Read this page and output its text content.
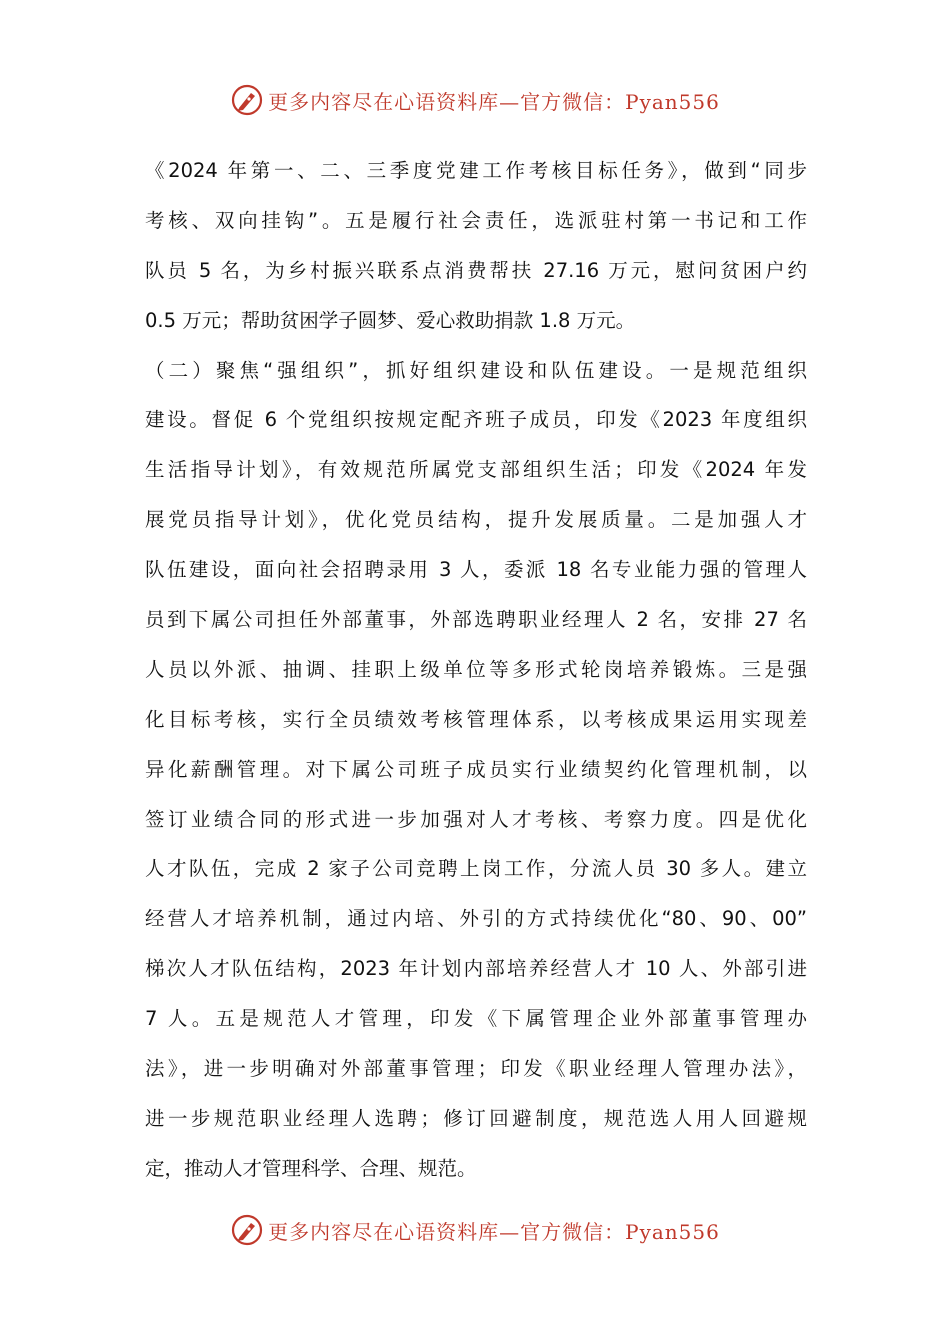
更多内容尽在心语资料库—官方微信：Pyan556
《2024 年第一、二、三季度党建工作考核目标任务》，做到“同步
考核、双向挂钩”。五是履行社会责任，选派驻村第一书记和工作
队员 5 名，为乡村振兴联系点消费帮扶 27.16 万元，慰问贫困户约
0.5 万元；帮助贫困学子圆梦、爱心救助捐款 1.8 万元。
（二）聚焦“强组织”，抓好组织建设和队伍建设。一是规范组织
建设。督促 6 个党组织按规定配齐班子成员，印发《2023 年度组织
生活指导计划》，有效规范所属党支部组织生活；印发《2024 年发
展党员指导计划》，优化党员结构，提升发展质量。二是加强人才
队伍建设，面向社会招聘录用 3 人，委派 18 名专业能力强的管理人
员到下属公司担任外部董事，外部选聘职业经理人 2 名，安排 27 名
人员以外派、抽调、挂职上级单位等多形式轮岗培养锻炼。三是强
化目标考核，实行全员绩效考核管理体系，以考核成果运用实现差
异化薪酬管理。对下属公司班子成员实行业绩契约化管理机制，以
签订业绩合同的形式进一步加强对人才考核、考察力度。四是优化
人才队伍，完成 2 家子公司竞聘上岗工作，分流人员 30 多人。建立
经营人才培养机制，通过内培、外引的方式持续优化“80、90、00”
梯次人才队伍结构，2023 年计划内部培养经营人才 10 人、外部引进
7 人。五是规范人才管理，印发《下属管理企业外部董事管理办
法》，进一步明确对外部董事管理；印发《职业经理人管理办法》，
进一步规范职业经理人选聘；修订回避制度，规范选人用人回避规
定，推动人才管理科学、合理、规范。
更多内容尽在心语资料库—官方微信：Pyan556
